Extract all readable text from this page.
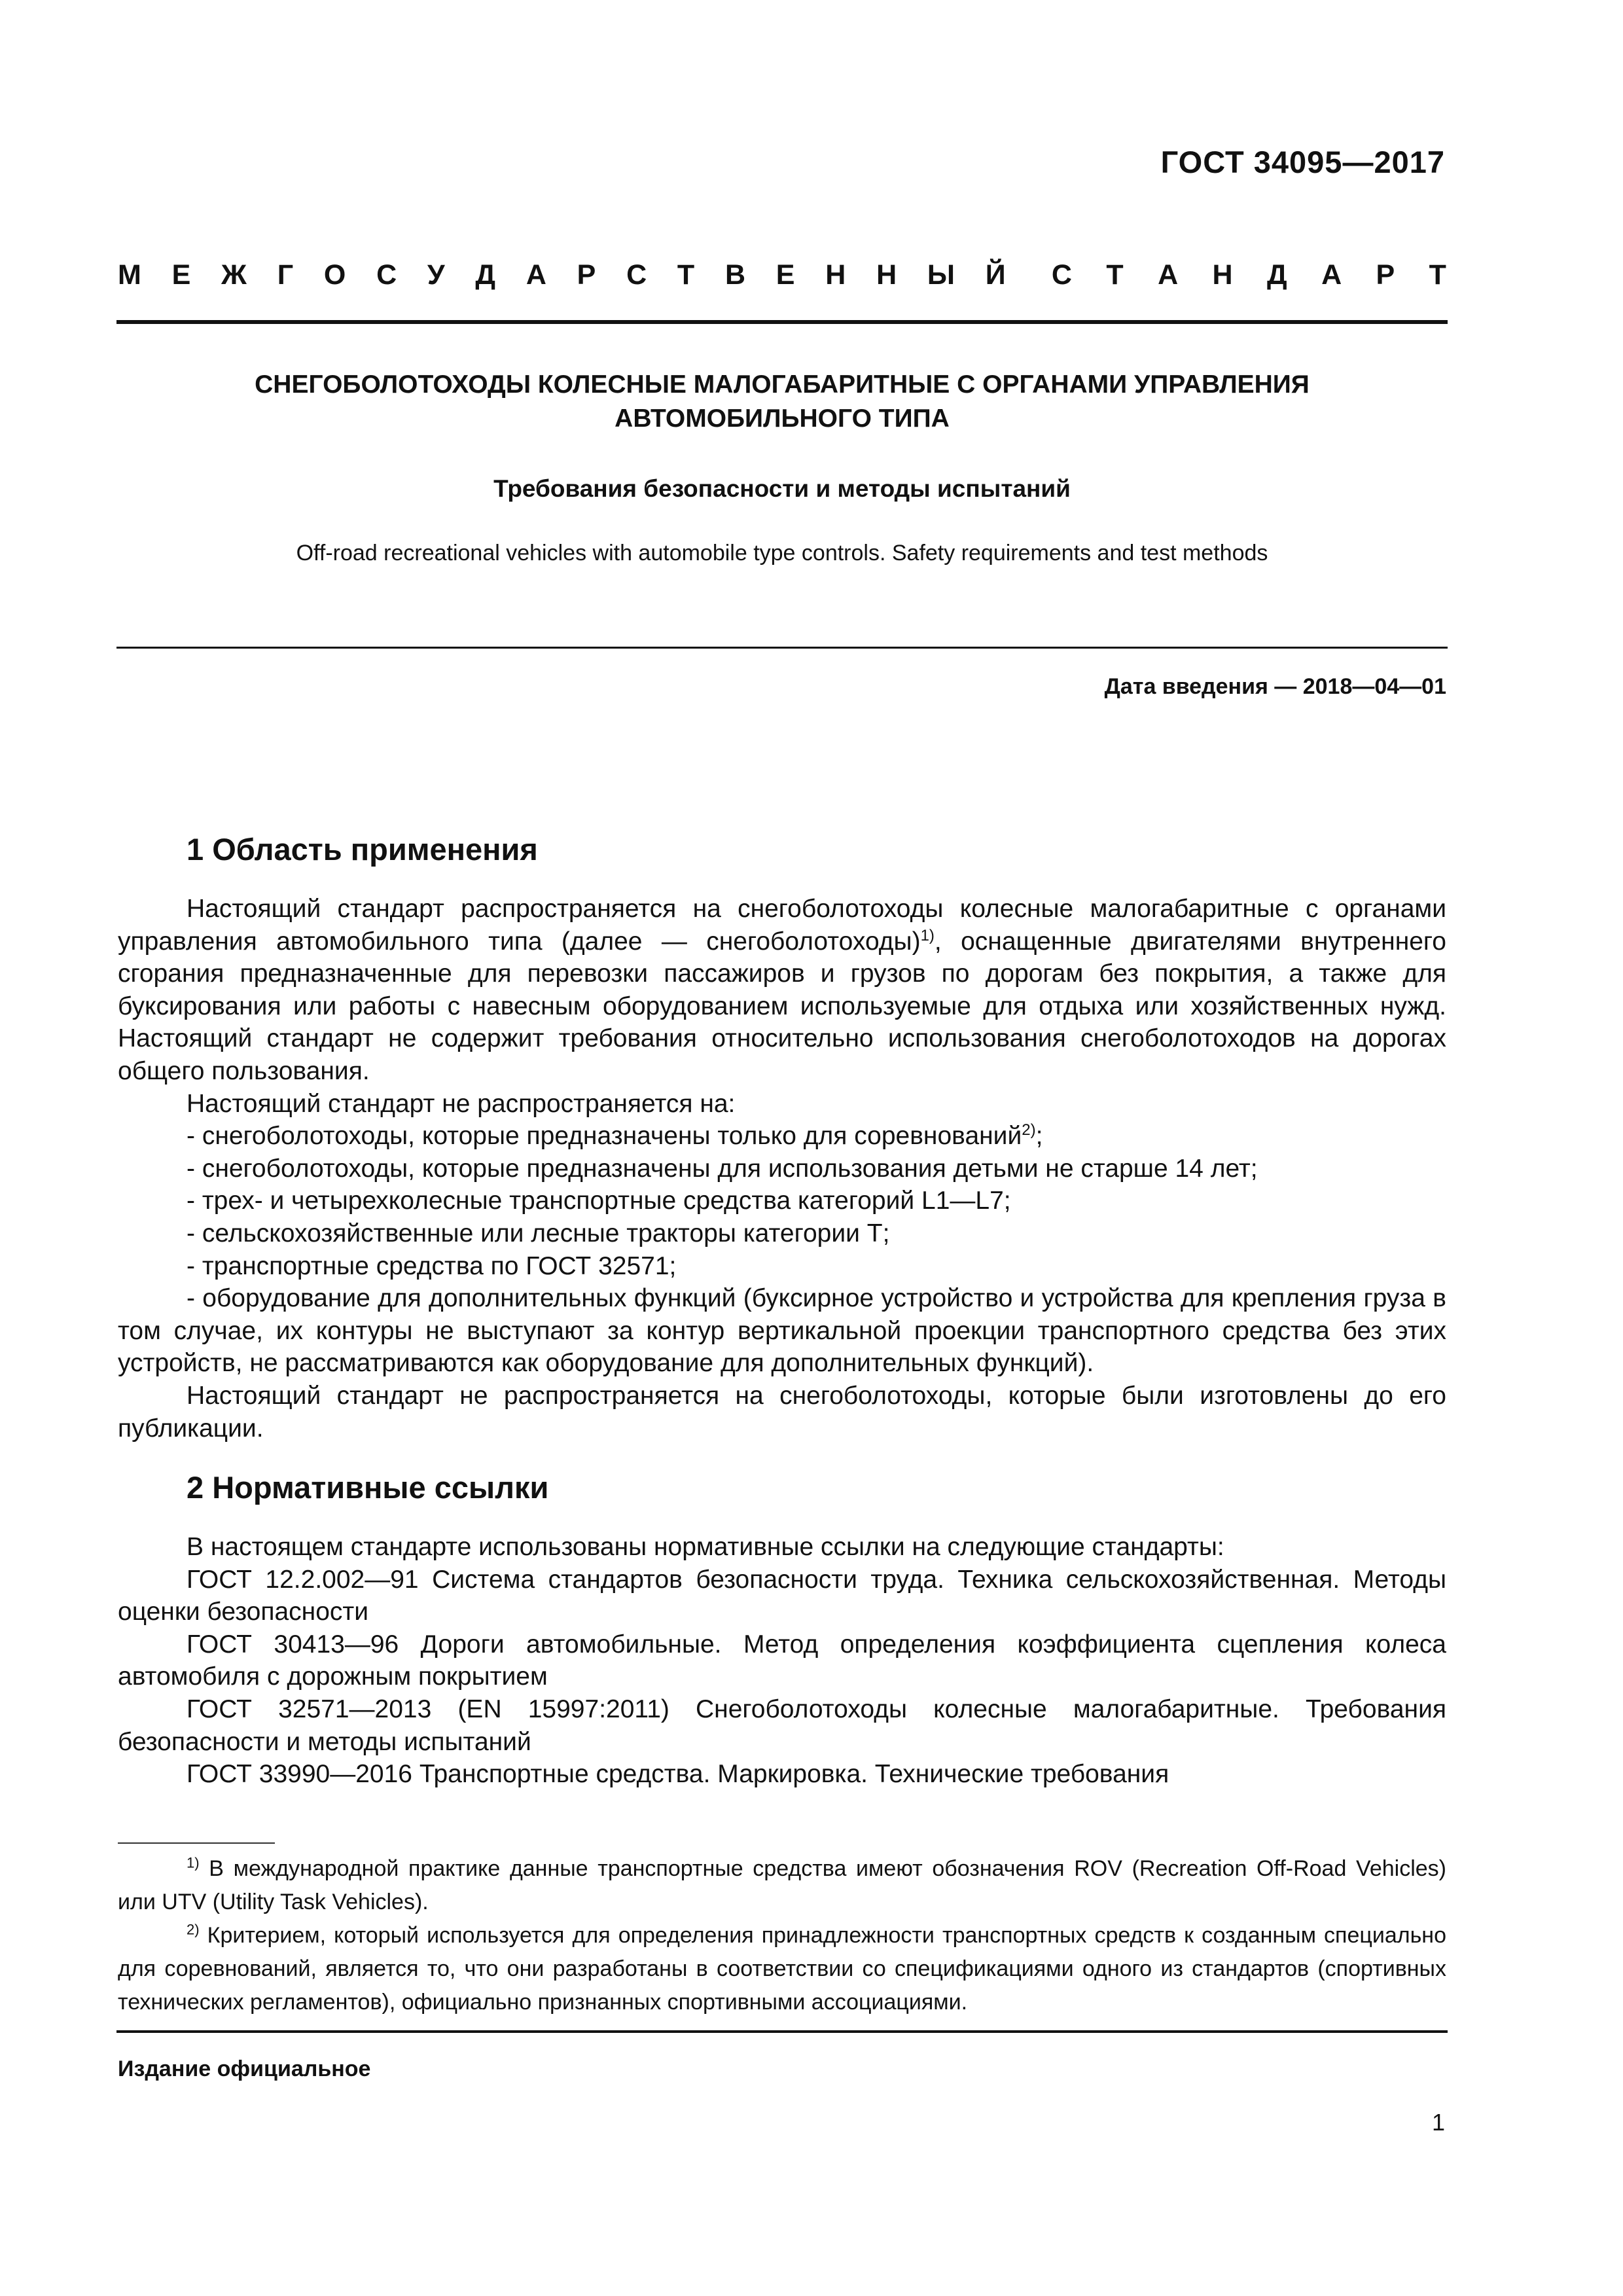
ГОСТ 34095—2017
М Е Ж Г О С У Д А Р С Т В Е Н Н Ы Й С Т А Н Д А Р Т
СНЕГОБОЛОТОХОДЫ КОЛЕСНЫЕ МАЛОГАБАРИТНЫЕ С ОРГАНАМИ УПРАВЛЕНИЯ
АВТОМОБИЛЬНОГО ТИПА
Требования безопасности и методы испытаний
Off-road recreational vehicles with automobile type controls. Safety requirements and test methods
Дата введения — 2018—04—01
1 Область применения

Настоящий стандарт распространяется на снегоболотоходы колесные малогабаритные с органами управления автомобильного типа (далее — снегоболотоходы)$^{1)}$, оснащенные двигателями внутреннего сгорания предназначенные для перевозки пассажиров и грузов по дорогам без покрытия, а также для буксирования или работы с навесным оборудованием используемые для отдыха или хозяйственных нужд. Настоящий стандарт не содержит требования относительно использования снегоболотоходов на дорогах общего пользования.

Настоящий стандарт не распространяется на:

- снегоболотоходы, которые предназначены только для соревнований$^{2)}$;

- снегоболотоходы, которые предназначены для использования детьми не старше 14 лет;

- трех- и четырехколесные транспортные средства категорий L1—L7;

- сельскохозяйственные или лесные тракторы категории Т;

- транспортные средства по ГОСТ 32571;

- оборудование для дополнительных функций (буксирное устройство и устройства для крепления груза в том случае, их контуры не выступают за контур вертикальной проекции транспортного средства без этих устройств, не рассматриваются как оборудование для дополнительных функций).

Настоящий стандарт не распространяется на снегоболотоходы, которые были изготовлены до его публикации.

2 Нормативные ссылки

В настоящем стандарте использованы нормативные ссылки на следующие стандарты:

ГОСТ 12.2.002—91 Система стандартов безопасности труда. Техника сельскохозяйственная. Методы оценки безопасности

ГОСТ 30413—96 Дороги автомобильные. Метод определения коэффициента сцепления колеса автомобиля с дорожным покрытием

ГОСТ 32571—2013 (EN 15997:2011) Снегоболотоходы колесные малогабаритные. Требования безопасности и методы испытаний

ГОСТ 33990—2016 Транспортные средства. Маркировка. Технические требования

$^{1)}$ В международной практике данные транспортные средства имеют обозначения ROV (Recreation Off-Road Vehicles) или UTV (Utility Task Vehicles).

$^{2)}$ Критерием, который используется для определения принадлежности транспортных средств к созданным специально для соревнований, является то, что они разработаны в соответствии со спецификациями одного из стандартов (спортивных технических регламентов), официально признанных спортивными ассоциациями.

Издание официальное
1
